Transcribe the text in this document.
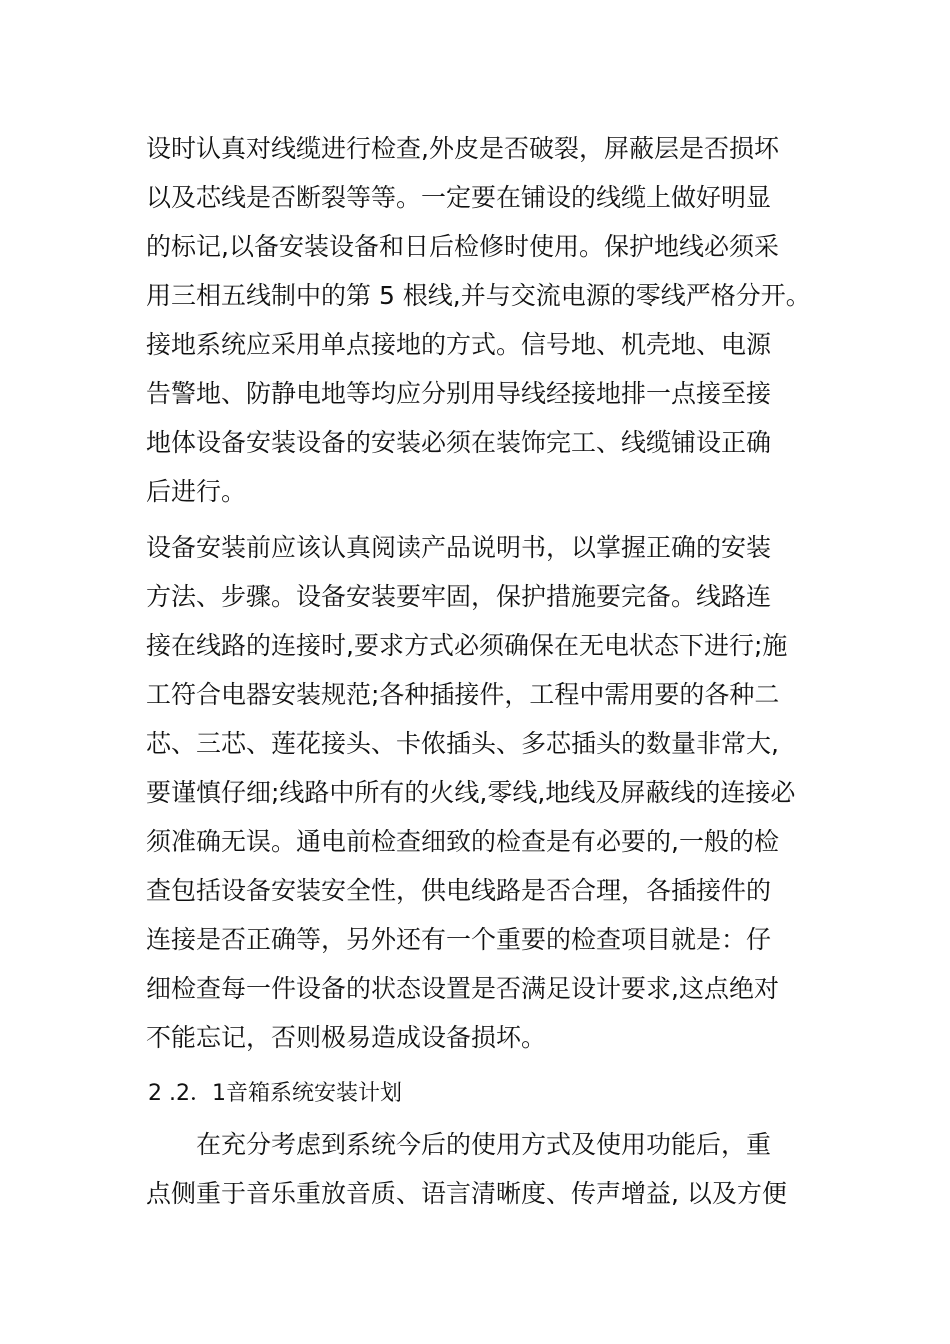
设时认真对线缆进行检查,外皮是否破裂，屏蔽层是否损坏
以及芯线是否断裂等等。一定要在铺设的线缆上做好明显
的标记,以备安装设备和日后检修时使用。保护地线必须采
用三相五线制中的第 5 根线,并与交流电源的零线严格分开。
接地系统应采用单点接地的方式。信号地、机壳地、电源
告警地、防静电地等均应分别用导线经接地排一点接至接
地体设备安装设备的安装必须在装饰完工、线缆铺设正确
后进行。
设备安装前应该认真阅读产品说明书，以掌握正确的安装
方法、步骤。设备安装要牢固，保护措施要完备。线路连
接在线路的连接时,要求方式必须确保在无电状态下进行;施
工符合电器安装规范;各种插接件，工程中需用要的各种二
芯、三芯、莲花接头、卡侬插头、多芯插头的数量非常大,
要谨慎仔细;线路中所有的火线,零线,地线及屏蔽线的连接必
须准确无误。通电前检查细致的检查是有必要的,一般的检
查包括设备安装安全性，供电线路是否合理，各插接件的
连接是否正确等，另外还有一个重要的检查项目就是：仔
细检查每一件设备的状态设置是否满足设计要求,这点绝对
不能忘记，否则极易造成设备损坏。
2 .2．1音箱系统安装计划
在充分考虑到系统今后的使用方式及使用功能后，重
点侧重于音乐重放音质、语言清晰度、传声增益, 以及方便
